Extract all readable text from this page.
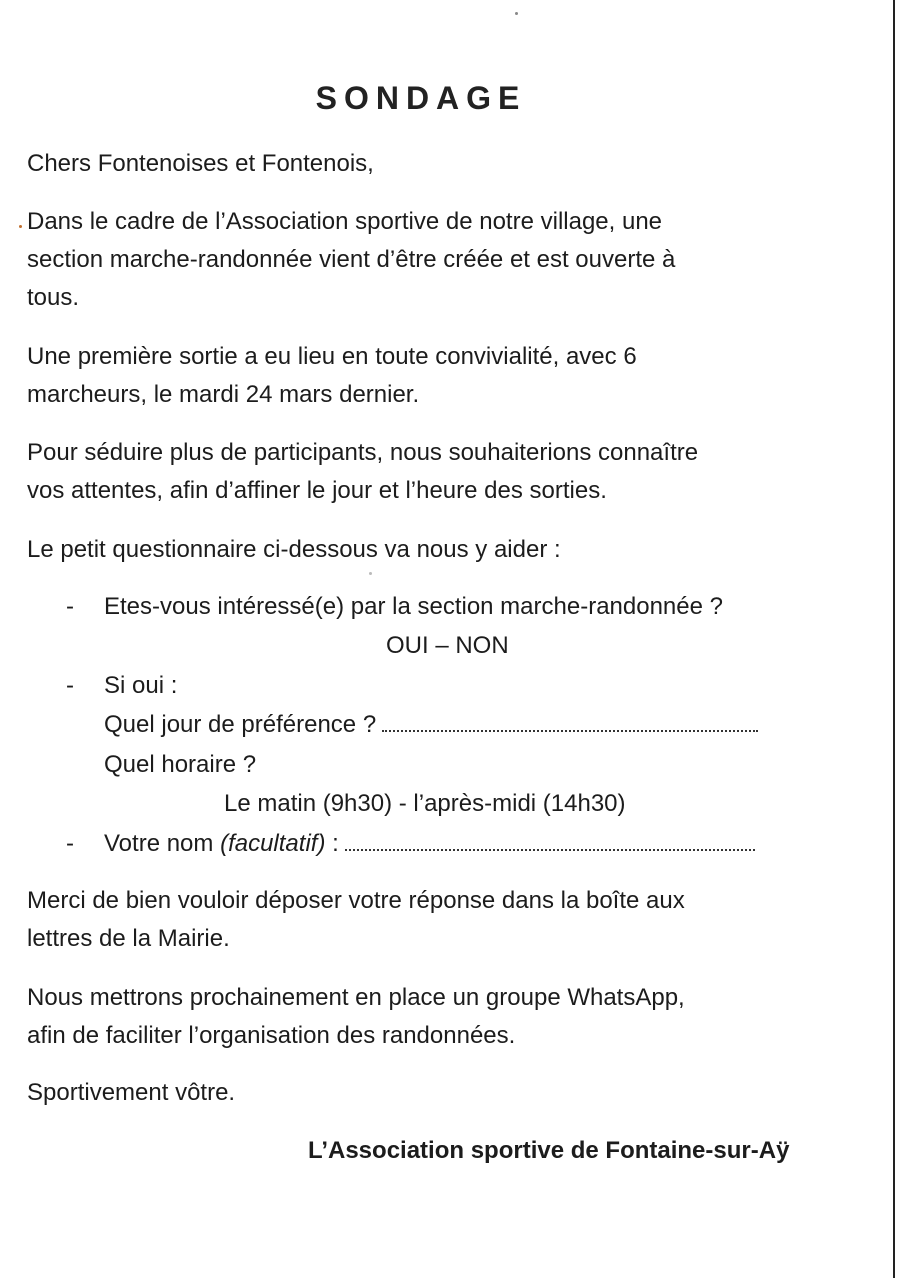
SONDAGE

Chers Fontenoises et Fontenois,

Dans le cadre de l’Association sportive de notre village, une
section marche-randonnée vient d’être créée et est ouverte à
tous.

Une première sortie a eu lieu en toute convivialité, avec 6
marcheurs, le mardi 24 mars dernier.

Pour séduire plus de participants, nous souhaiterions connaître
vos attentes, afin d’affiner le jour et l’heure des sorties.

Le petit questionnaire ci-dessous va nous y aider :

- Etes-vous intéressé(e) par la section marche-randonnée ?
OUI – NON
- Si oui :
Quel jour de préférence ?
Quel horaire ?
Le matin (9h30) - l’après-midi (14h30)
- Votre nom (facultatif) :

Merci de bien vouloir déposer votre réponse dans la boîte aux
lettres de la Mairie.

Nous mettrons prochainement en place un groupe WhatsApp,
afin de faciliter l’organisation des randonnées.

Sportivement vôtre.

L’Association sportive de Fontaine-sur-Aÿ
